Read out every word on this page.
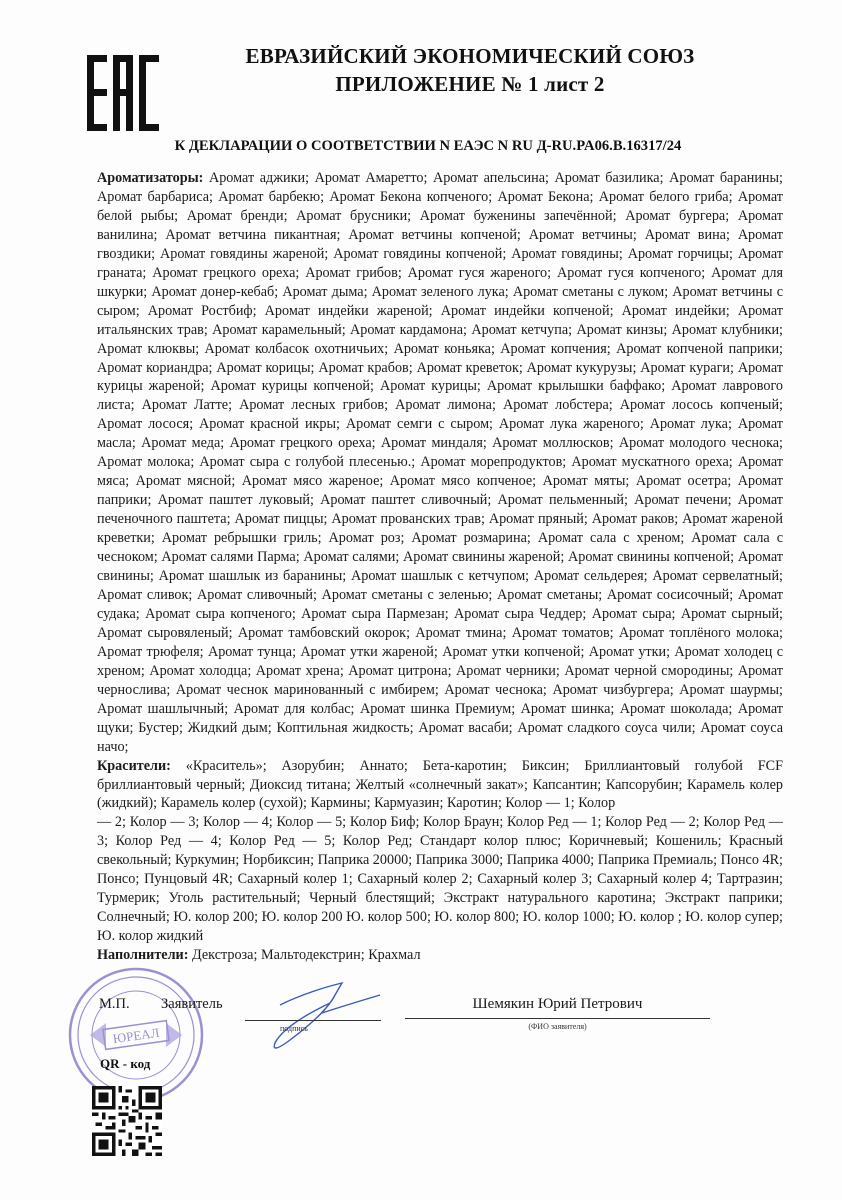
ЕВРАЗИЙСКИЙ ЭКОНОМИЧЕСКИЙ СОЮЗ
ПРИЛОЖЕНИЕ № 1 лист 2
К ДЕКЛАРАЦИИ О СООТВЕТСТВИИ N ЕАЭС N RU Д-RU.PA06.B.16317/24

Ароматизаторы: Аромат аджики; Аромат Амаретто; Аромат апельсина; Аромат базилика; Аромат баранины; Аромат барбариса; Аромат барбекю; Аромат Бекона копченого; Аромат Бекона; Аромат белого гриба; Аромат белой рыбы; Аромат бренди; Аромат брусники; Аромат буженины запечённой; Аромат бургера; Аромат ванилина; Аромат ветчина пикантная; Аромат ветчины копченой; Аромат ветчины; Аромат вина; Аромат гвоздики; Аромат говядины жареной; Аромат говядины копченой; Аромат говядины; Аромат горчицы; Аромат граната; Аромат грецкого ореха; Аромат грибов; Аромат гуся жареного; Аромат гуся копченого; Аромат для шкурки; Аромат донер-кебаб; Аромат дыма; Аромат зеленого лука; Аромат сметаны с луком; Аромат ветчины с сыром; Аромат Ростбиф; Аромат индейки жареной; Аромат индейки копченой; Аромат индейки; Аромат итальянских трав; Аромат карамельный; Аромат кардамона; Аромат кетчупа; Аромат кинзы; Аромат клубники; Аромат клюквы; Аромат колбасок охотничьих; Аромат коньяка; Аромат копчения; Аромат копченой паприки; Аромат кориандра; Аромат корицы; Аромат крабов; Аромат креветок; Аромат кукурузы; Аромат кураги; Аромат курицы жареной; Аромат курицы копченой; Аромат курицы; Аромат крылышки баффако; Аромат лаврового листа; Аромат Латте; Аромат лесных грибов; Аромат лимона; Аромат лобстера; Аромат лосось копченый; Аромат лосося; Аромат красной икры; Аромат семги с сыром; Аромат лука жареного; Аромат лука; Аромат масла; Аромат меда; Аромат грецкого ореха; Аромат миндаля; Аромат моллюсков; Аромат молодого чеснока; Аромат молока; Аромат сыра с голубой плесенью.; Аромат морепродуктов; Аромат мускатного ореха; Аромат мяса; Аромат мясной; Аромат мясо жареное; Аромат мясо копченое; Аромат мяты; Аромат осетра; Аромат паприки; Аромат паштет луковый; Аромат паштет сливочный; Аромат пельменный; Аромат печени; Аромат печеночного паштета; Аромат пиццы; Аромат прованских трав; Аромат пряный; Аромат раков; Аромат жареной креветки; Аромат ребрышки гриль; Аромат роз; Аромат розмарина; Аромат сала с хреном; Аромат сала с чесноком; Аромат салями Парма; Аромат салями; Аромат свинины жареной; Аромат свинины копченой; Аромат свинины; Аромат шашлык из баранины; Аромат шашлык с кетчупом; Аромат сельдерея; Аромат сервелатный; Аромат сливок; Аромат сливочный; Аромат сметаны с зеленью; Аромат сметаны; Аромат сосисочный; Аромат судака; Аромат сыра копченого; Аромат сыра Пармезан; Аромат сыра Чеддер; Аромат сыра; Аромат сырный; Аромат сыровяленый; Аромат тамбовский окорок; Аромат тмина; Аромат томатов; Аромат топлёного молока; Аромат трюфеля; Аромат тунца; Аромат утки жареной; Аромат утки копченой; Аромат утки; Аромат холодец с хреном; Аромат холодца; Аромат хрена; Аромат цитрона; Аромат черники; Аромат черной смородины; Аромат чернослива; Аромат чеснок маринованный с имбирем; Аромат чеснока; Аромат чизбургера; Аромат шаурмы; Аромат шашлычный; Аромат для колбас; Аромат шинка Премиум; Аромат шинка; Аромат шоколада; Аромат щуки; Бустер; Жидкий дым; Коптильная жидкость; Аромат васаби; Аромат сладкого соуса чили; Аромат соуса начо;

Красители: «Краситель»; Азорубин; Аннато; Бета-каротин; Биксин; Бриллиантовый голубой FCF бриллиантовый черный; Диоксид титана; Желтый «солнечный закат»; Капсантин; Капсорубин; Карамель колер (жидкий); Карамель колер (сухой); Кармины; Кармуазин; Каротин; Колор — 1; Колор

— 2; Колор — 3; Колор — 4; Колор — 5; Колор Биф; Колор Браун; Колор Ред — 1; Колор Ред — 2; Колор Ред — 3; Колор Ред — 4; Колор Ред — 5; Колор Ред; Стандарт колор плюс; Коричневый; Кошениль; Красный свекольный; Куркумин; Норбиксин; Паприка 20000; Паприка 3000; Паприка 4000; Паприка Премиаль; Понсо 4R; Понсо; Пунцовый 4R; Сахарный колер 1; Сахарный колер 2; Сахарный колер 3; Сахарный колер 4; Тартразин; Турмерик; Уголь растительный; Черный блестящий; Экстракт натурального каротина; Экстракт паприки; Солнечный; Ю. колор 200; Ю. колор 200 Ю. колор 500; Ю. колор 800; Ю. колор 1000; Ю. колор ; Ю. колор супер; Ю. колор жидкий

Наполнители: Декстроза; Мальтодекстрин; Крахмал

ЮРЕАЛ
М.П. Заявитель
подпись
Шемякин Юрий Петрович
(ФИО заявителя)
QR - код
